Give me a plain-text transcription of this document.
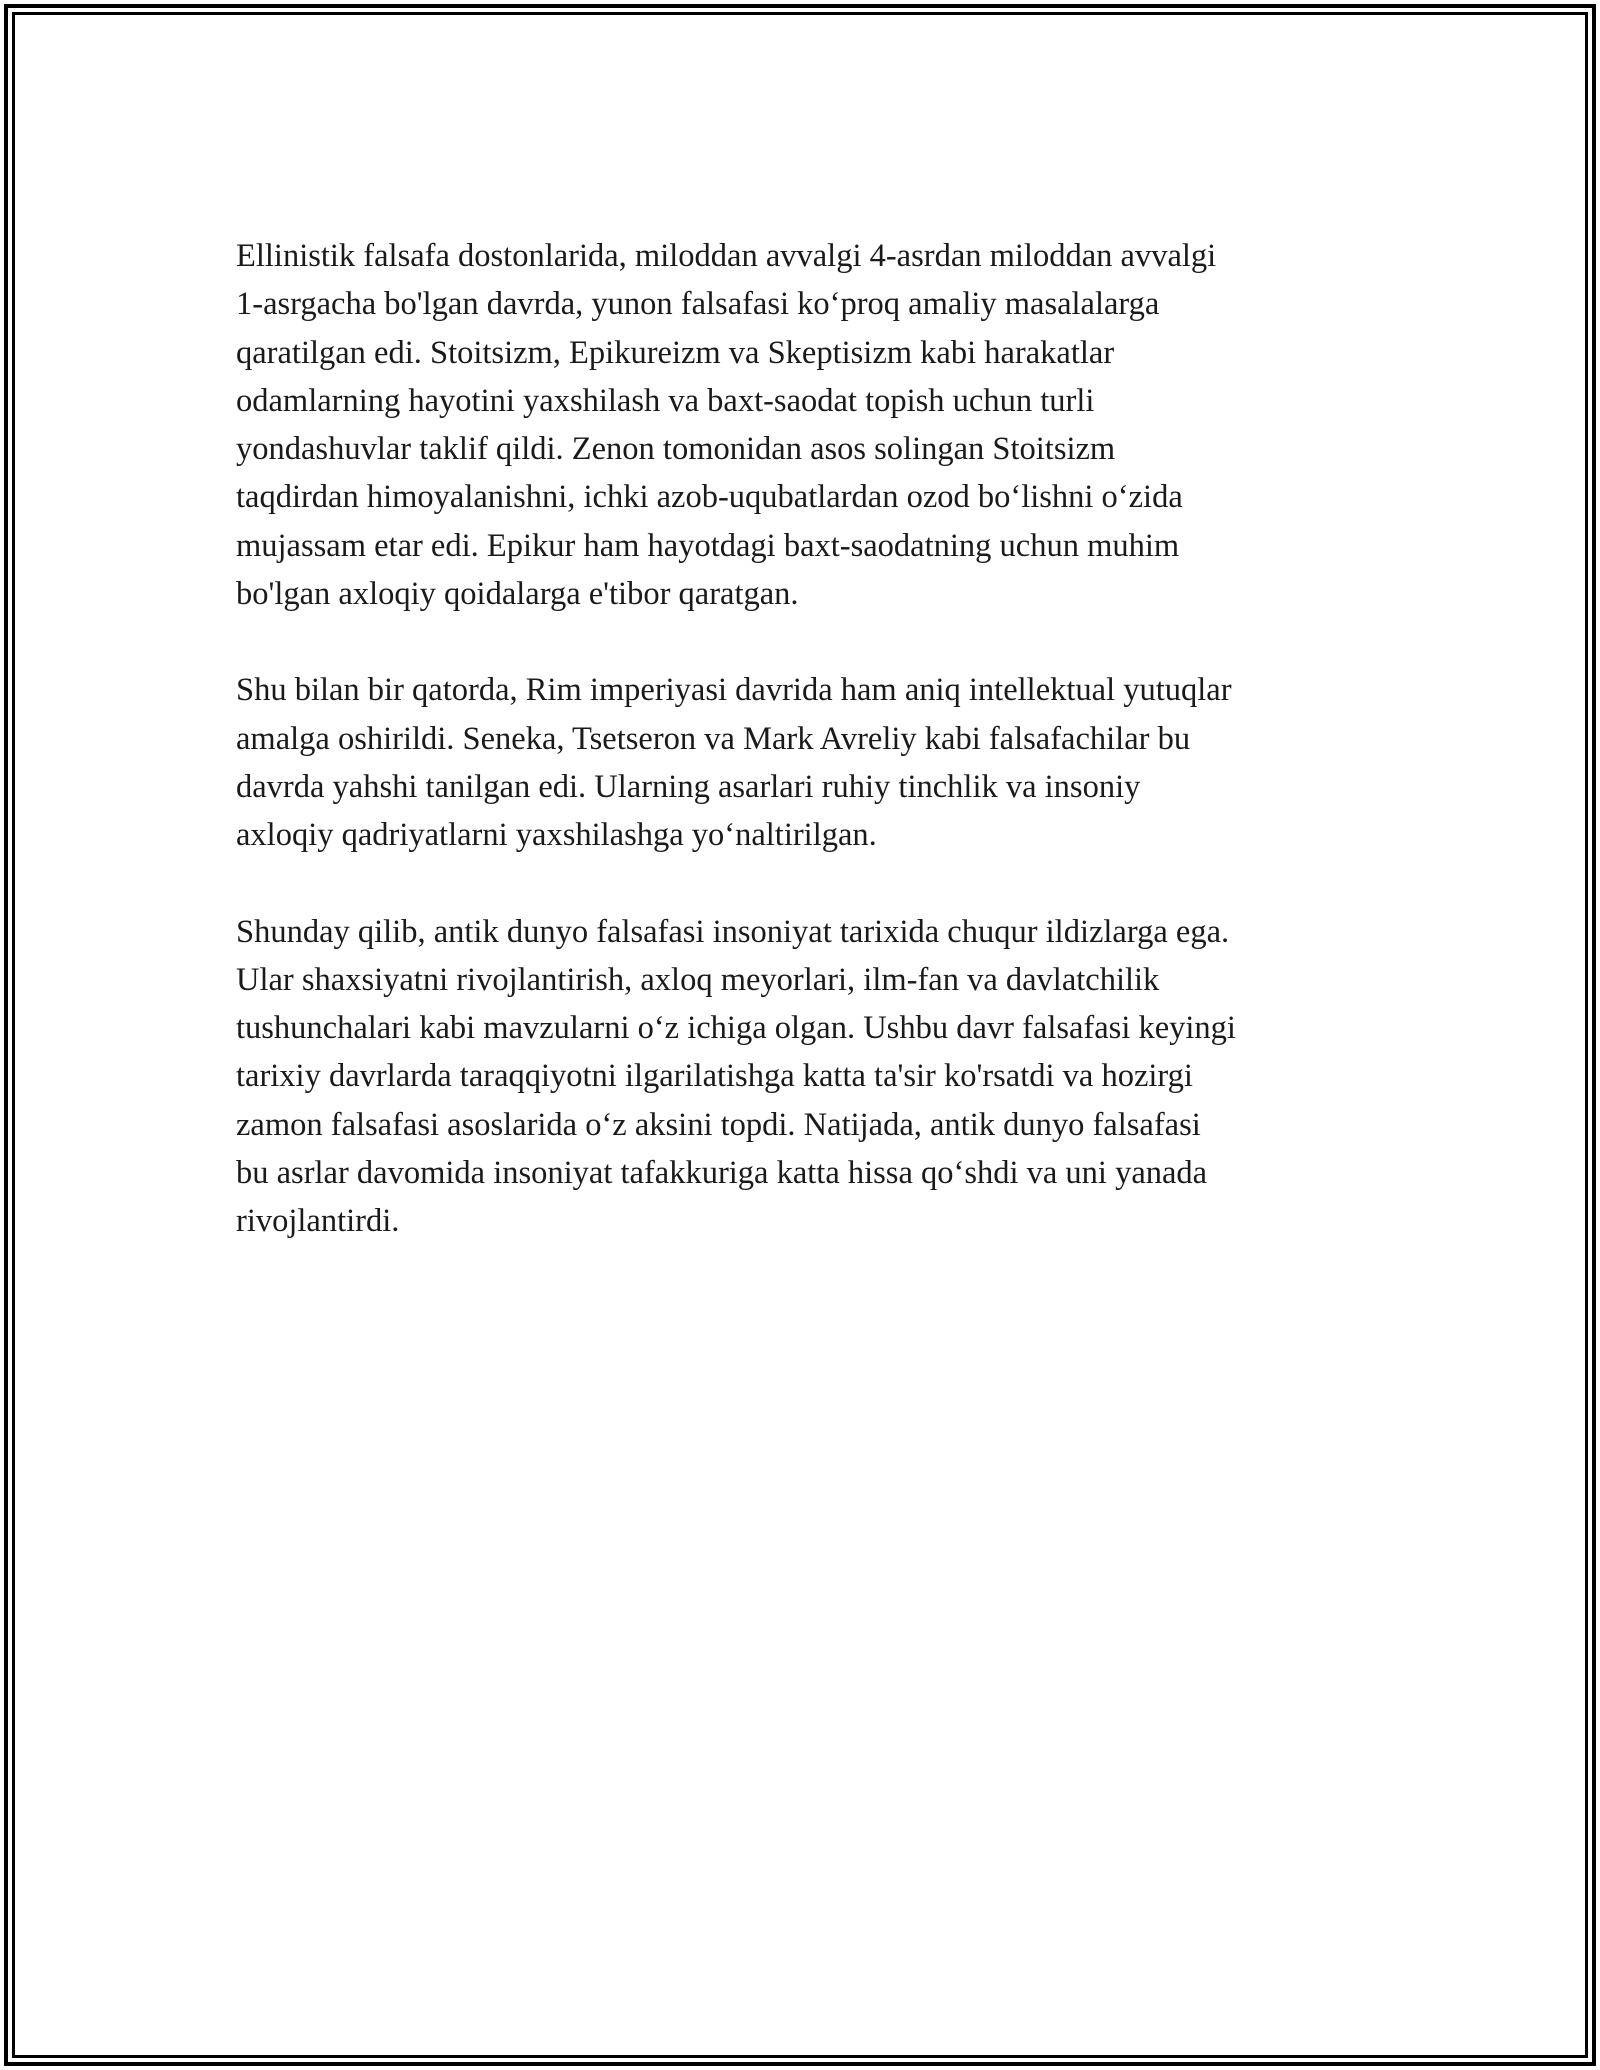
Ellinistik falsafa dostonlarida, miloddan avvalgi 4-asrdan miloddan avvalgi
1-asrgacha bo'lgan davrda, yunon falsafasi ko‘proq amaliy masalalarga
qaratilgan edi. Stoitsizm, Epikureizm va Skeptisizm kabi harakatlar
odamlarning hayotini yaxshilash va baxt-saodat topish uchun turli
yondashuvlar taklif qildi. Zenon tomonidan asos solingan Stoitsizm
taqdirdan himoyalanishni, ichki azob-uqubatlardan ozod bo‘lishni o‘zida
mujassam etar edi. Epikur ham hayotdagi baxt-saodatning uchun muhim
bo'lgan axloqiy qoidalarga e'tibor qaratgan.

Shu bilan bir qatorda, Rim imperiyasi davrida ham aniq intellektual yutuqlar
amalga oshirildi. Seneka, Tsetseron va Mark Avreliy kabi falsafachilar bu
davrda yahshi tanilgan edi. Ularning asarlari ruhiy tinchlik va insoniy
axloqiy qadriyatlarni yaxshilashga yo‘naltirilgan.

Shunday qilib, antik dunyo falsafasi insoniyat tarixida chuqur ildizlarga ega.
Ular shaxsiyatni rivojlantirish, axloq meyorlari, ilm-fan va davlatchilik
tushunchalari kabi mavzularni o‘z ichiga olgan. Ushbu davr falsafasi keyingi
tarixiy davrlarda taraqqiyotni ilgarilatishga katta ta'sir ko'rsatdi va hozirgi
zamon falsafasi asoslarida o‘z aksini topdi. Natijada, antik dunyo falsafasi
bu asrlar davomida insoniyat tafakkuriga katta hissa qo‘shdi va uni yanada
rivojlantirdi.
